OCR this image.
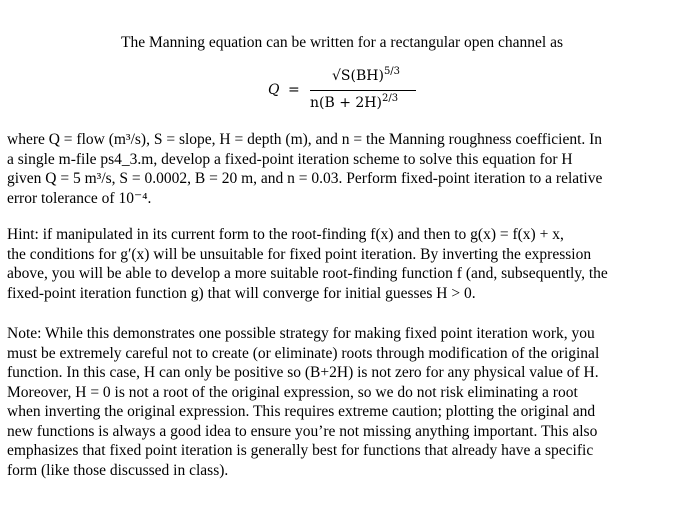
The Manning equation can be written for a rectangular open channel as
Q =
√S(BH)$^{5/3}$
$n(B + 2H)^{2/3}$
where Q = flow (m³/s), S = slope, H = depth (m), and n = the Manning roughness coefficient. In
a single m-file ps4_3.m, develop a fixed-point iteration scheme to solve this equation for H
given Q = 5 m³/s, S = 0.0002, B = 20 m, and n = 0.03. Perform fixed-point iteration to a relative
error tolerance of 10⁻⁴.
Hint: if manipulated in its current form to the root-finding f(x) and then to g(x) = f(x) + x,
the conditions for g′(x) will be unsuitable for fixed point iteration. By inverting the expression
above, you will be able to develop a more suitable root-finding function f (and, subsequently, the
fixed-point iteration function g) that will converge for initial guesses H > 0.
Note: While this demonstrates one possible strategy for making fixed point iteration work, you
must be extremely careful not to create (or eliminate) roots through modification of the original
function. In this case, H can only be positive so (B+2H) is not zero for any physical value of H.
Moreover, H = 0 is not a root of the original expression, so we do not risk eliminating a root
when inverting the original expression. This requires extreme caution; plotting the original and
new functions is always a good idea to ensure you’re not missing anything important. This also
emphasizes that fixed point iteration is generally best for functions that already have a specific
form (like those discussed in class).
